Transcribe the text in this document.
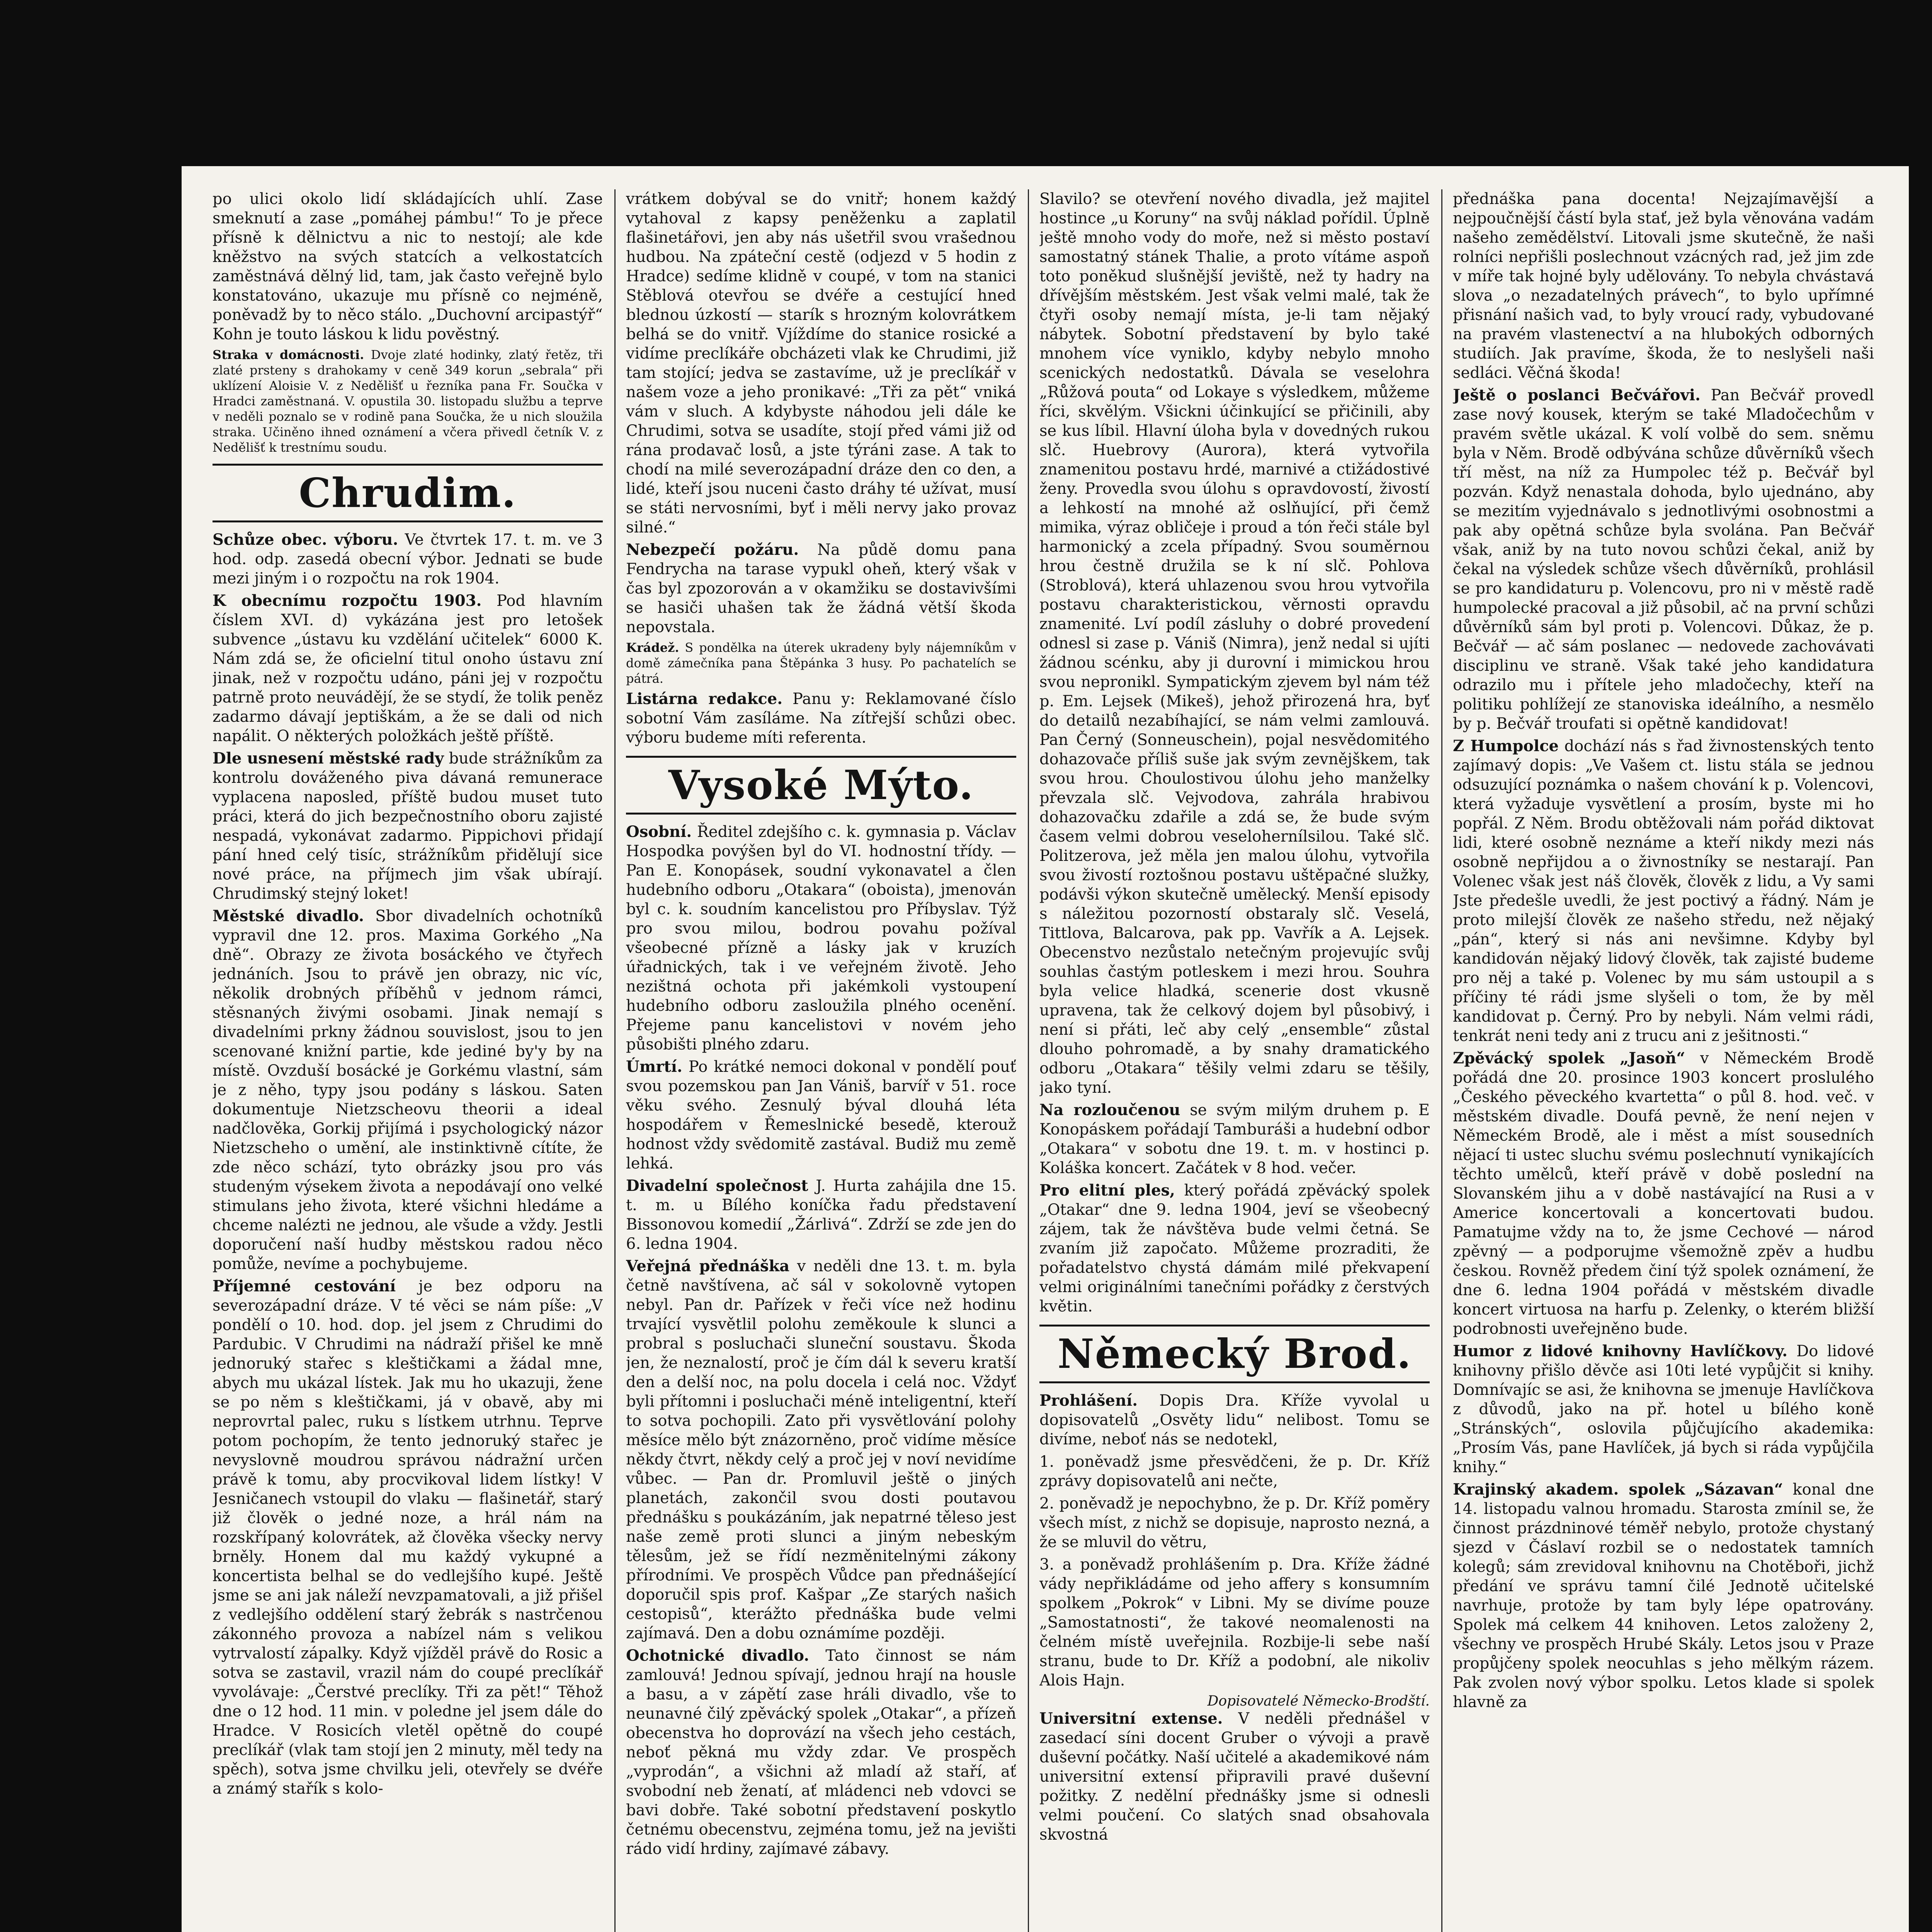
po ulici okolo lidí skládajících uhlí. Zase smeknutí a zase „pomáhej pámbu!“ To je přece přísně k dělnictvu a nic to nestojí; ale kde kněžstvo na svých statcích a velkostatcích zaměstnává dělný lid, tam, jak často veřejně bylo konstatováno, ukazuje mu přísně co nejméně, poněvadž by to něco stálo. „Duchovní arcipastýř“ Kohn je touto láskou k lidu pověstný.

Straka v domácnosti. Dvoje zlaté hodinky, zlatý řetěz, tři zlaté prsteny s drahokamy v ceně 349 korun „sebrala“ při uklízení Aloisie V. z Nedělišť u řezníka pana Fr. Součka v Hradci zaměstnaná. V. opustila 30. listopadu službu a teprve v neděli poznalo se v rodině pana Součka, že u nich sloužila straka. Učiněno ihned oznámení a včera přivedl četník V. z Nedělišť k trestnímu soudu.

Chrudim.

Schůze obec. výboru. Ve čtvrtek 17. t. m. ve 3 hod. odp. zasedá obecní výbor. Jednati se bude mezi jiným i o rozpočtu na rok 1904.

K obecnímu rozpočtu 1903. Pod hlavním číslem XVI. d) vykázána jest pro letošek subvence „ústavu ku vzdělání učitelek“ 6000 K. Nám zdá se, že oficielní titul onoho ústavu zní jinak, než v rozpočtu udáno, páni jej v rozpočtu patrně proto neuvádějí, že se stydí, že tolik peněz zadarmo dávají jeptiškám, a že se dali od nich napálit. O některých položkách ještě příště.

Dle usnesení městské rady bude strážníkům za kontrolu dováženého piva dávaná remunerace vyplacena naposled, příště budou muset tuto práci, která do jich bezpečnostního oboru zajisté nespadá, vykonávat zadarmo. Pippichovi přidají pání hned celý tisíc, strážníkům přidělují sice nové práce, na příjmech jim však ubírají. Chrudimský stejný loket!

Městské divadlo. Sbor divadelních ochotníků vypravil dne 12. pros. Maxima Gorkého „Na dně“. Obrazy ze života bosáckého ve čtyřech jednáních. Jsou to právě jen obrazy, nic víc, několik drobných příběhů v jednom rámci, stěsnaných živými osobami. Jinak nemají s divadelními prkny žádnou souvislost, jsou to jen scenované knižní partie, kde jediné by'y by na místě. Ovzduší bosácké je Gorkému vlastní, sám je z něho, typy jsou podány s láskou. Saten dokumentuje Nietzscheovu theorii a ideal nadčlověka, Gorkij přijímá i psychologický názor Nietzscheho o umění, ale instinktivně cítíte, že zde něco schází, tyto obrázky jsou pro vás studeným výsekem života a nepodávají ono velké stimulans jeho života, které všichni hledáme a chceme nalézti ne jednou, ale všude a vždy. Jestli doporučení naší hudby městskou radou něco pomůže, nevíme a pochybujeme.

Příjemné cestování je bez odporu na severozápadní dráze. V té věci se nám píše: „V pondělí o 10. hod. dop. jel jsem z Chrudimi do Pardubic. V Chrudimi na nádraží přišel ke mně jednoruký stařec s kleštičkami a žádal mne, abych mu ukázal lístek. Jak mu ho ukazuji, žene se po něm s kleštičkami, já v obavě, aby mi neprovrtal palec, ruku s lístkem utrhnu. Teprve potom pochopím, že tento jednoruký stařec je nevyslovně moudrou správou nádražní určen právě k tomu, aby procvikoval lidem lístky! V Jesničanech vstoupil do vlaku — flašinetář, starý již člověk o jedné noze, a hrál nám na rozskřípaný kolovrátek, až člověka všecky nervy brněly. Honem dal mu každý vykupné a koncertista belhal se do vedlejšího kupé. Ještě jsme se ani jak náleží nevzpamatovali, a již přišel z vedlejšího oddělení starý žebrák s nastrčenou zákonného provoza a nabízel nám s velikou vytrvalostí zápalky. Když vjížděl právě do Rosic a sotva se zastavil, vrazil nám do coupé preclíkář vyvolávaje: „Čerstvé preclíky. Tři za pět!“ Těhož dne o 12 hod. 11 min. v poledne jel jsem dále do Hradce. V Rosicích vletěl opětně do coupé preclíkář (vlak tam stojí jen 2 minuty, měl tedy na spěch), sotva jsme chvilku jeli, otevřely se dvéře a známý stařík s kolo-

vrátkem dobýval se do vnitř; honem každý vytahoval z kapsy peněženku a zaplatil flašinetářovi, jen aby nás ušetřil svou vrašednou hudbou. Na zpáteční cestě (odjezd v 5 hodin z Hradce) sedíme klidně v coupé, v tom na stanici Stěblová otevřou se dvéře a cestující hned blednou úzkostí — starík s hrozným kolovrátkem belhá se do vnitř. Vjíždíme do stanice rosické a vidíme preclíkáře obcházeti vlak ke Chrudimi, již tam stojící; jedva se zastavíme, už je preclíkář v našem voze a jeho pronikavé: „Tři za pět“ vniká vám v sluch. A kdybyste náhodou jeli dále ke Chrudimi, sotva se usadíte, stojí před vámi již od rána prodavač losů, a jste týráni zase. A tak to chodí na milé severozápadní dráze den co den, a lidé, kteří jsou nuceni často dráhy té užívat, musí se státi nervosními, byť i měli nervy jako provaz silné.“

Nebezpečí požáru. Na půdě domu pana Fendrycha na tarase vypukl oheň, který však v čas byl zpozorován a v okamžiku se dostavivšími se hasiči uhašen tak že žádná větší škoda nepovstala.

Krádež. S pondělka na úterek ukradeny byly nájemníkům v domě zámečníka pana Štěpánka 3 husy. Po pachatelích se pátrá.

Listárna redakce. Panu y: Reklamované číslo sobotní Vám zasíláme. Na zítřejší schůzi obec. výboru budeme míti referenta.

Vysoké Mýto.

Osobní. Ředitel zdejšího c. k. gymnasia p. Václav Hospodka povýšen byl do VI. hodnostní třídy. — Pan E. Konopásek, soudní vykonavatel a člen hudebního odboru „Otakara“ (oboista), jmenován byl c. k. soudním kancelistou pro Příbyslav. Týž pro svou milou, bodrou povahu požíval všeobecné přízně a lásky jak v kruzích úřadnických, tak i ve veřejném životě. Jeho nezištná ochota při jakémkoli vystoupení hudebního odboru zasloužila plného ocenění. Přejeme panu kancelistovi v novém jeho působišti plného zdaru.

Úmrtí. Po krátké nemoci dokonal v pondělí pouť svou pozemskou pan Jan Vániš, barvíř v 51. roce věku svého. Zesnulý býval dlouhá léta hospodářem v Řemeslnické besedě, kterouž hodnost vždy svědomitě zastával. Budiž mu země lehká.

Divadelní společnost J. Hurta zahájila dne 15. t. m. u Bílého koníčka řadu představení Bissonovou komedií „Žárlivá“. Zdrží se zde jen do 6. ledna 1904.

Veřejná přednáška v neděli dne 13. t. m. byla četně navštívena, ač sál v sokolovně vytopen nebyl. Pan dr. Pařízek v řeči více než hodinu trvající vysvětlil polohu zeměkoule k slunci a probral s posluchači sluneční soustavu. Škoda jen, že neznalostí, proč je čím dál k severu kratší den a delší noc, na polu docela i celá noc. Vždyť byli přítomni i posluchači méně inteligentní, kteří to sotva pochopili. Zato při vysvětlování polohy měsíce mělo být znázorněno, proč vidíme měsíce někdy čtvrt, někdy celý a proč jej v noví nevidíme vůbec. — Pan dr. Promluvil ještě o jiných planetách, zakončil svou dosti poutavou přednášku s poukázáním, jak nepatrné těleso jest naše země proti slunci a jiným nebeským tělesům, jež se řídí nezměnitelnými zákony přírodními. Ve prospěch Vůdce pan přednášející doporučil spis prof. Kašpar „Ze starých našich cestopisů“, kterážto přednáška bude velmi zajímavá. Den a dobu oznámíme později.

Ochotnické divadlo. Tato činnost se nám zamlouvá! Jednou spívají, jednou hrají na housle a basu, a v zápětí zase hráli divadlo, vše to neunavné čilý zpěvácký spolek „Otakar“, a přízeň obecenstva ho doprovází na všech jeho cestách, neboť pěkná mu vždy zdar. Ve prospěch „vyprodán“, a všichni až mladí až staří, ať svobodní neb ženatí, ať mládenci neb vdovci se bavi dobře. Také sobotní představení poskytlo četnému obecenstvu, zejména tomu, jež na jevišti rádo vidí hrdiny, zajímavé zábavy.

Slavilo? se otevření nového divadla, jež majitel hostince „u Koruny“ na svůj náklad pořídil. Úplně ještě mnoho vody do moře, než si město postaví samostatný stánek Thalie, a proto vítáme aspoň toto poněkud slušnější jeviště, než ty hadry na dřívějším městském. Jest však velmi malé, tak že čtyři osoby nemají místa, je-li tam nějaký nábytek. Sobotní představení by bylo také mnohem více vyniklo, kdyby nebylo mnoho scenických nedostatků. Dávala se veselohra „Růžová pouta“ od Lokaye s výsledkem, můžeme říci, skvělým. Všickni účinkující se přičinili, aby se kus líbil. Hlavní úloha byla v dovedných rukou slč. Huebrovy (Aurora), která vytvořila znamenitou postavu hrdé, marnivé a ctižádostivé ženy. Provedla svou úlohu s opravdovostí, živostí a lehkostí na mnohé až oslňující, při čemž mimika, výraz obličeje i proud a tón řeči stále byl harmonický a zcela případný. Svou souměrnou hrou čestně družila se k ní slč. Pohlova (Stroblová), která uhlazenou svou hrou vytvořila postavu charakteristickou, věrnosti opravdu znamenité. Lví podíl zásluhy o dobré provedení odnesl si zase p. Vániš (Nimra), jenž nedal si ujíti žádnou scénku, aby ji durovní i mimickou hrou svou nepronikl. Sympatickým zjevem byl nám též p. Em. Lejsek (Mikeš), jehož přirozená hra, byť do detailů nezabíhající, se nám velmi zamlouvá. Pan Černý (Sonneuschein), pojal nesvědomitého dohazovače příliš suše jak svým zevnějškem, tak svou hrou. Choulostivou úlohu jeho manželky převzala slč. Vejvodova, zahrála hrabivou dohazovačku zdařile a zdá se, že bude svým časem velmi dobrou veselohernílsilou. Také slč. Politzerova, jež měla jen malou úlohu, vytvořila svou živostí roztošnou postavu uštěpačné služky, podávši výkon skutečně umělecký. Menší episody s náležitou pozorností obstaraly slč. Veselá, Tittlova, Balcarova, pak pp. Vavřík a A. Lejsek. Obecenstvo nezůstalo netečným projevujíc svůj souhlas častým potleskem i mezi hrou. Souhra byla velice hladká, scenerie dost vkusně upravena, tak že celkový dojem byl působivý, i není si přáti, leč aby celý „ensemble“ zůstal dlouho pohromadě, a by snahy dramatického odboru „Otakara“ těšily velmi zdaru se těšily, jako tyní.

Na rozloučenou se svým milým druhem p. E Konopáskem pořádají Tamburáši a hudební odbor „Otakara“ v sobotu dne 19. t. m. v hostinci p. Koláška koncert. Začátek v 8 hod. večer.

Pro elitní ples, který pořádá zpěvácký spolek „Otakar“ dne 9. ledna 1904, jeví se všeobecný zájem, tak že návštěva bude velmi četná. Se zvaním již započato. Můžeme prozraditi, že pořadatelstvo chystá dámám milé překvapení velmi originálními tanečními pořádky z čerstvých květin.

Německý Brod.

Prohlášení. Dopis Dra. Kříže vyvolal u dopisovatelů „Osvěty lidu“ nelibost. Tomu se divíme, neboť nás se nedotekl,

1. poněvadž jsme přesvědčeni, že p. Dr. Kříž zprávy dopisovatelů ani nečte,

2. poněvadž je nepochybno, že p. Dr. Kříž poměry všech míst, z nichž se dopisuje, naprosto nezná, a že se mluvil do větru,

3. a poněvadž prohlášením p. Dra. Kříže žádné vády nepřikládáme od jeho affery s konsumním spolkem „Pokrok“ v Libni. My se divíme pouze „Samostatnosti“, že takové neomalenosti na čelném místě uveřejnila. Rozbije-li sebe naší stranu, bude to Dr. Kříž a podobní, ale nikoliv Alois Hajn.

Dopisovatelé Německo-Brodští.

Universitní extense. V neděli přednášel v zasedací síni docent Gruber o vývoji a pravě duševní počátky. Naší učitelé a akademikové nám universitní extensí připravili pravé duševní požitky. Z nedělní přednášky jsme si odnesli velmi poučení. Co slatých snad obsahovala skvostná

přednáška pana docenta! Nejzajímavější a nejpoučnější částí byla stať, jež byla věnována vadám našeho zemědělství. Litovali jsme skutečně, že naši rolníci nepřišli poslechnout vzácných rad, jež jim zde v míře tak hojné byly udělovány. To nebyla chvástavá slova „o nezadatelných právech“, to bylo upřímné přisnání našich vad, to byly vroucí rady, vybudované na pravém vlastenectví a na hlubokých odborných studiích. Jak pravíme, škoda, že to neslyšeli naši sedláci. Věčná škoda!

Ještě o poslanci Bečvářovi. Pan Bečvář provedl zase nový kousek, kterým se také Mladočechům v pravém světle ukázal. K volí volbě do sem. sněmu byla v Něm. Brodě odbývána schůze důvěrníků všech tří měst, na níž za Humpolec též p. Bečvář byl pozván. Když nenastala dohoda, bylo ujednáno, aby se mezitím vyjednávalo s jednotlivými osobnostmi a pak aby opětná schůze byla svolána. Pan Bečvář však, aniž by na tuto novou schůzi čekal, aniž by čekal na výsledek schůze všech důvěrníků, prohlásil se pro kandidaturu p. Volencovu, pro ni v městě radě humpolecké pracoval a již působil, ač na první schůzi důvěrníků sám byl proti p. Volencovi. Důkaz, že p. Bečvář — ač sám poslanec — nedovede zachovávati disciplinu ve straně. Však také jeho kandidatura odrazilo mu i přítele jeho mladočechy, kteří na politiku pohlížejí ze stanoviska ideálního, a nesmělo by p. Bečvář troufati si opětně kandidovat!

Z Humpolce dochází nás s řad živnostenských tento zajímavý dopis: „Ve Vašem ct. listu stála se jednou odsuzující poznámka o našem chování k p. Volencovi, která vyžaduje vysvětlení a prosím, byste mi ho popřál. Z Něm. Brodu obtěžovali nám pořád diktovat lidi, které osobně neznáme a kteří nikdy mezi nás osobně nepřijdou a o živnostníky se nestarají. Pan Volenec však jest náš člověk, člověk z lidu, a Vy sami Jste předešle uvedli, že jest poctivý a řádný. Nám je proto milejší člověk ze našeho středu, než nějaký „pán“, který si nás ani nevšimne. Kdyby byl kandidován nějaký lidový člověk, tak zajisté budeme pro něj a také p. Volenec by mu sám ustoupil a s příčiny té rádi jsme slyšeli o tom, že by měl kandidovat p. Černý. Pro by nebyli. Nám velmi rádi, tenkrát neni tedy ani z trucu ani z ješitnosti.“

Zpěvácký spolek „Jasoň“ v Německém Brodě pořádá dne 20. prosince 1903 koncert proslulého „Českého pěveckého kvartetta“ o půl 8. hod. več. v městském divadle. Doufá pevně, že není nejen v Německém Brodě, ale i měst a míst sousedních nějací ti ustec sluchu svému poslechnutí vynikajících těchto umělců, kteří právě v době poslední na Slovanském jihu a v době nastávající na Rusi a v Americe koncertovali a koncertovati budou. Pamatujme vždy na to, že jsme Cechové — národ zpěvný — a podporujme všemožně zpěv a hudbu českou. Rovněž předem činí týž spolek oznámení, že dne 6. ledna 1904 pořádá v městském divadle koncert virtuosa na harfu p. Zelenky, o kterém bližší podrobnosti uveřejněno bude.

Humor z lidové knihovny Havlíčkovy. Do lidové knihovny přišlo děvče asi 10ti leté vypůjčit si knihy. Domnívajíc se asi, že knihovna se jmenuje Havlíčkova z důvodů, jako na př. hotel u bílého koně „Stránských“, oslovila půjčujícího akademika: „Prosím Vás, pane Havlíček, já bych si ráda vypůjčila knihy.“

Krajinský akadem. spolek „Sázavan“ konal dne 14. listopadu valnou hromadu. Starosta zmínil se, že činnost prázdninové téměř nebylo, protože chystaný sjezd v Čáslaví rozbil se o nedostatek tamních kolegů; sám zrevidoval knihovnu na Chotěboři, jichž předání ve správu tamní čilé Jednotě učitelské navrhuje, protože by tam byly lépe opatrovány. Spolek má celkem 44 knihoven. Letos založeny 2, všechny ve prospěch Hrubé Skály. Letos jsou v Praze propůjčeny spolek neocuhlas s jeho mělkým rázem. Pak zvolen nový výbor spolku. Letos klade si spolek hlavně za
